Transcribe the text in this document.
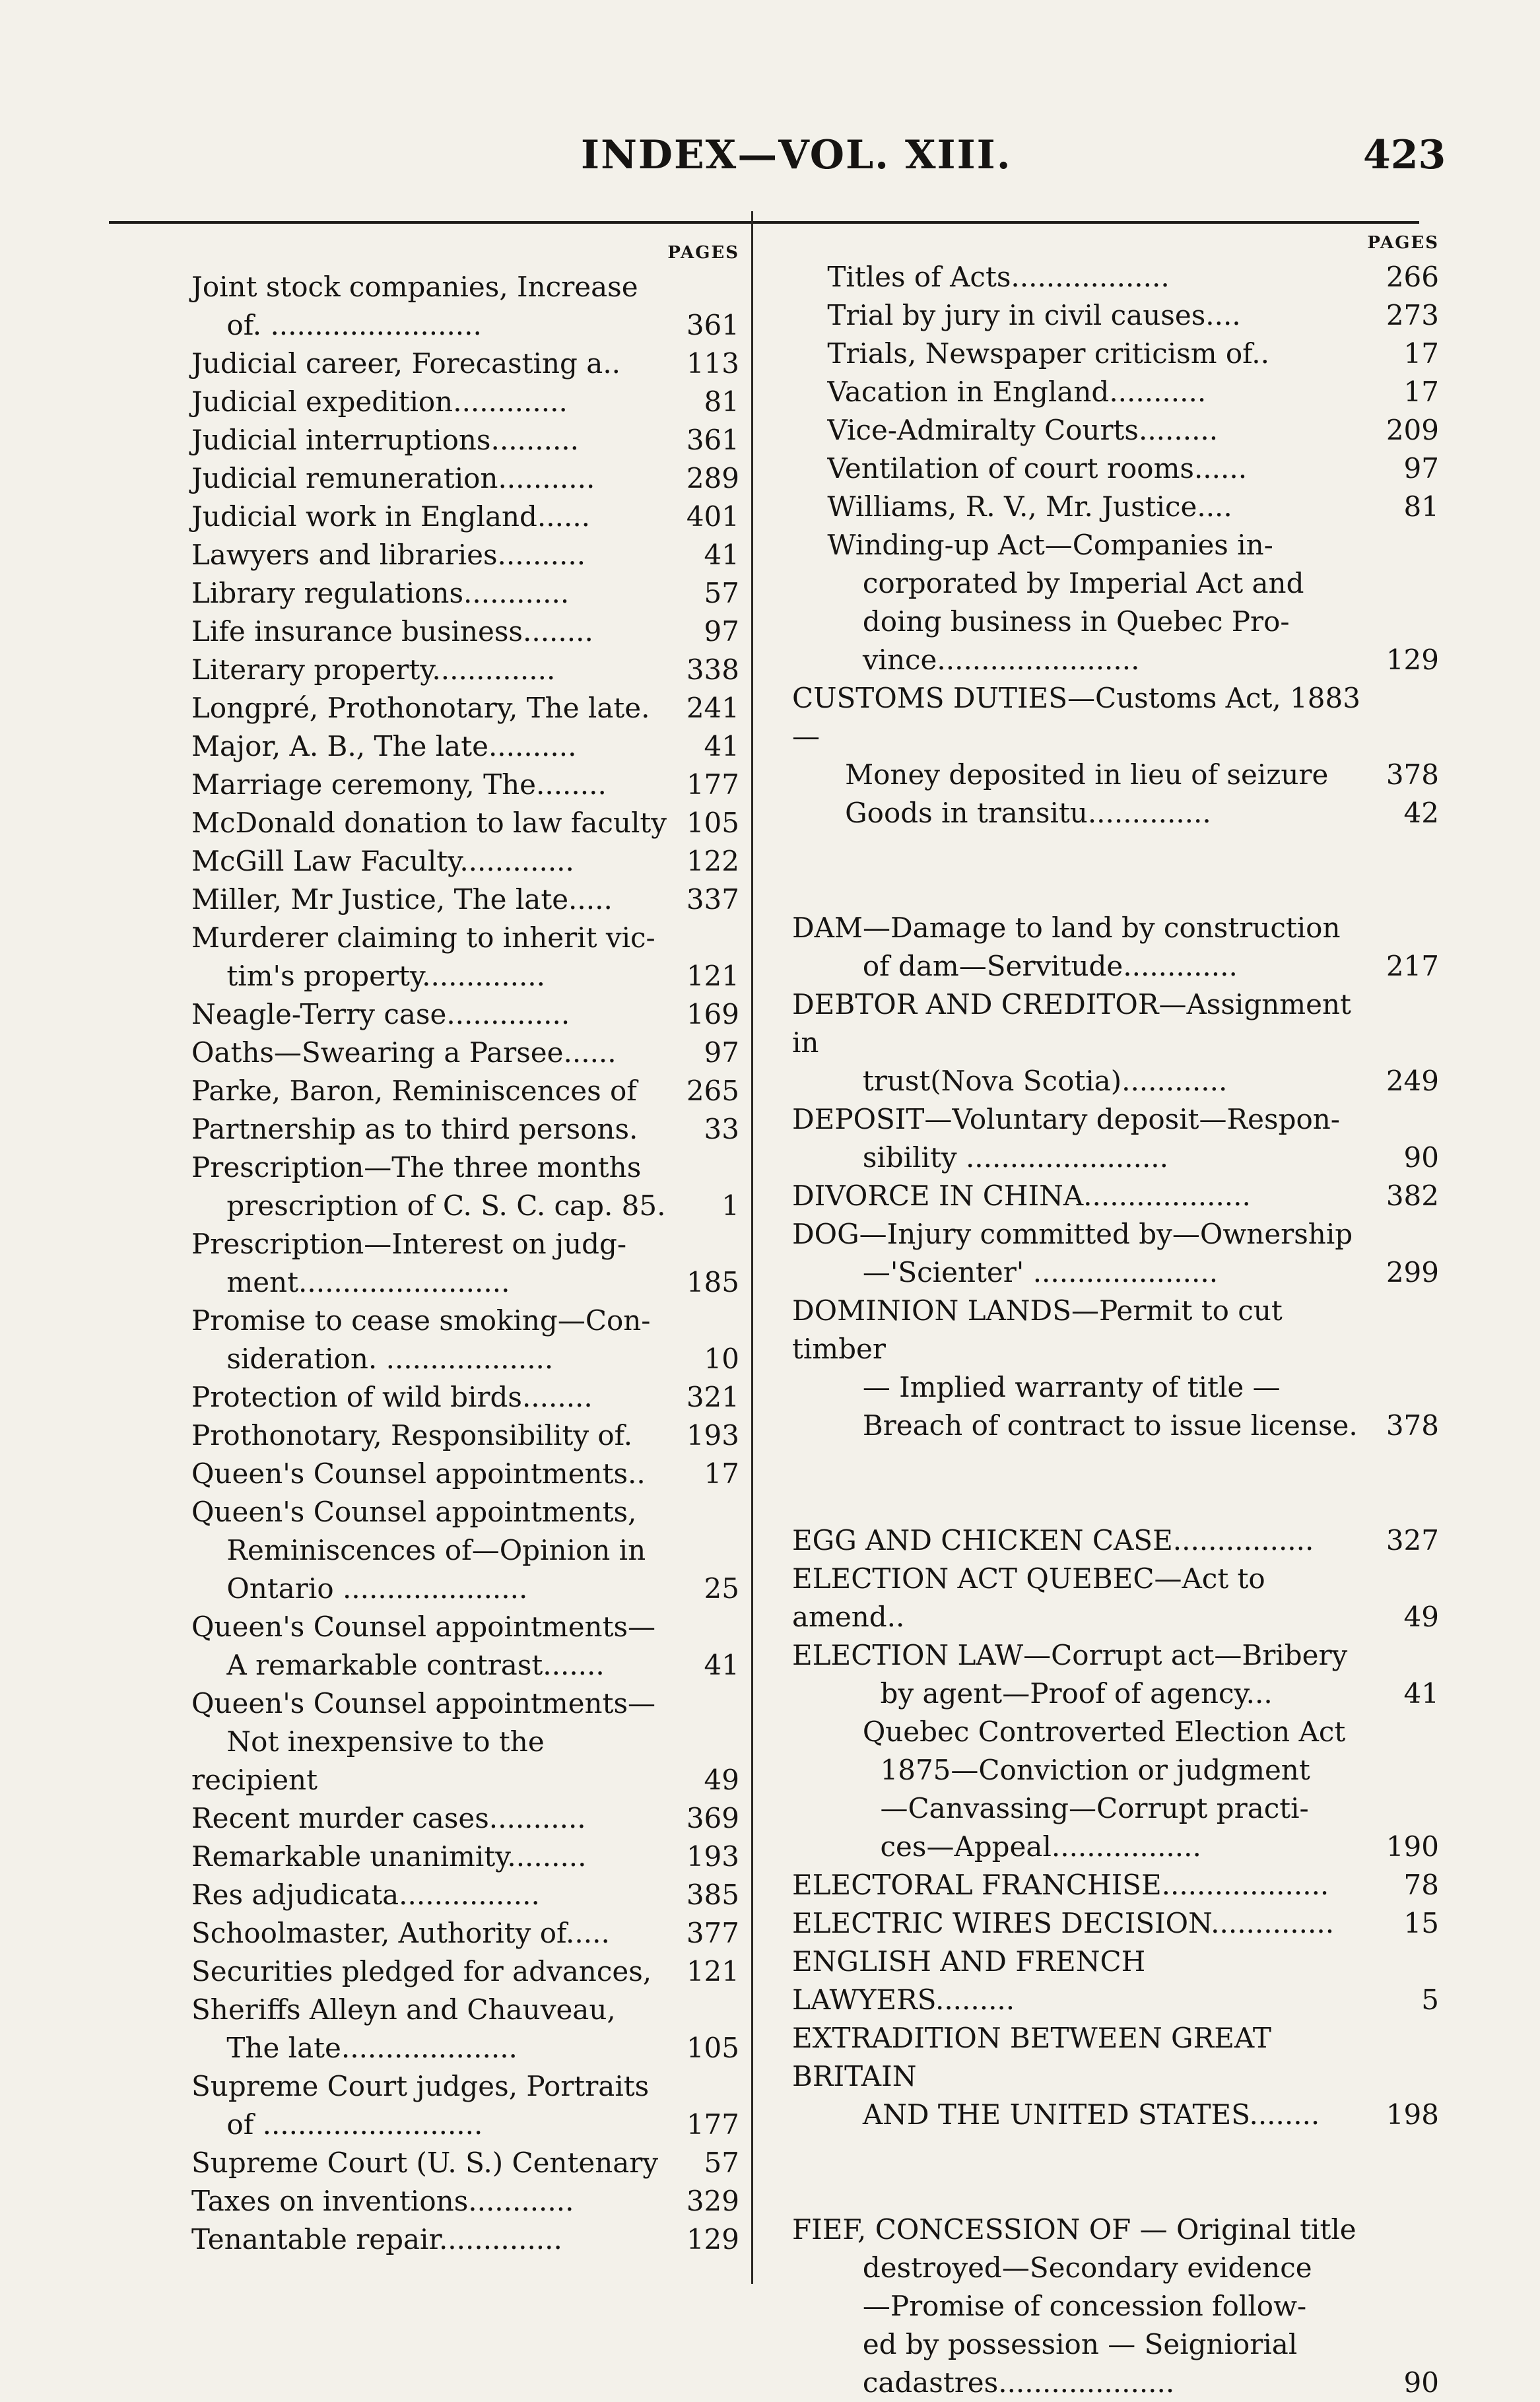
INDEX—VOL. XIII.	423
PAGES
Joint stock companies, Increase
of. ........................	361
Judicial career, Forecasting a..	113
Judicial expedition.............	81
Judicial interruptions..........	361
Judicial remuneration...........	289
Judicial work in England......	401
Lawyers and libraries..........	41
Library regulations............	57
Life insurance business........	97
Literary property..............	338
Longpré, Prothonotary, The late.	241
Major, A. B., The late..........	41
Marriage ceremony, The........	177
McDonald donation to law faculty 105
McGill Law Faculty.............	122
Miller, Mr Justice, The late.....	337
Murderer claiming to inherit vic-
tim's property..............	121
Neagle-Terry case..............	169
Oaths—Swearing a Parsee......	97
Parke, Baron, Reminiscences of	265
Partnership as to third persons.	33
Prescription—The three months
prescription of C. S. C. cap. 85.	1
Prescription—Interest on judg-
ment........................	185
Promise to cease smoking—Con-
sideration. ...................	10
Protection of wild birds........	321
Prothonotary, Responsibility of.	193
Queen's Counsel appointments..	17
Queen's Counsel appointments,
Reminiscences of—Opinion in
Ontario .....................	25
Queen's Counsel appointments—
A remarkable contrast.......	41
Queen's Counsel appointments—
Not inexpensive to the recipient	49
Recent murder cases...........	369
Remarkable unanimity.........	193
Res adjudicata................	385
Schoolmaster, Authority of.....	377
Securities pledged for advances,	121
Sheriffs Alleyn and Chauveau,
The late....................	105
Supreme Court judges, Portraits
of .........................	177
Supreme Court (U. S.) Centenary	57
Taxes on inventions............	329
Tenantable repair..............	129
PAGES
Titles of Acts..................	266
Trial by jury in civil causes....	273
Trials, Newspaper criticism of..	17
Vacation in England...........	17
Vice-Admiralty Courts.........	209
Ventilation of court rooms......	97
Williams, R. V., Mr. Justice....	81
Winding-up Act—Companies in-
corporated by Imperial Act and
doing business in Quebec Pro-
vince.......................	129
CUSTOMS DUTIES—Customs Act, 1883—
Money deposited in lieu of seizure	378
Goods in transitu..............	42
DAM—Damage to land by construction
of dam—Servitude.............	217
DEBTOR AND CREDITOR—Assignment in
trust(Nova Scotia)............	249
DEPOSIT—Voluntary deposit—Respon-
sibility .......................	90
DIVORCE IN CHINA...................	382
DOG—Injury committed by—Ownership
—'Scienter' .....................	299
DOMINION LANDS—Permit to cut timber
— Implied warranty of title —
Breach of contract to issue license.	378
EGG AND CHICKEN CASE................	327
ELECTION ACT QUEBEC—Act to amend..	49
ELECTION LAW—Corrupt act—Bribery
by agent—Proof of agency...	41
Quebec Controverted Election Act
1875—Conviction or judgment
—Canvassing—Corrupt practi-
ces—Appeal.................	190
ELECTORAL FRANCHISE...................	78
ELECTRIC WIRES DECISION..............	15
ENGLISH AND FRENCH LAWYERS.........	5
EXTRADITION BETWEEN GREAT BRITAIN
AND THE UNITED STATES........	198
FIEF, CONCESSION OF — Original title
destroyed—Secondary evidence
—Promise of concession follow-
ed by possession — Seigniorial
cadastres....................	90
